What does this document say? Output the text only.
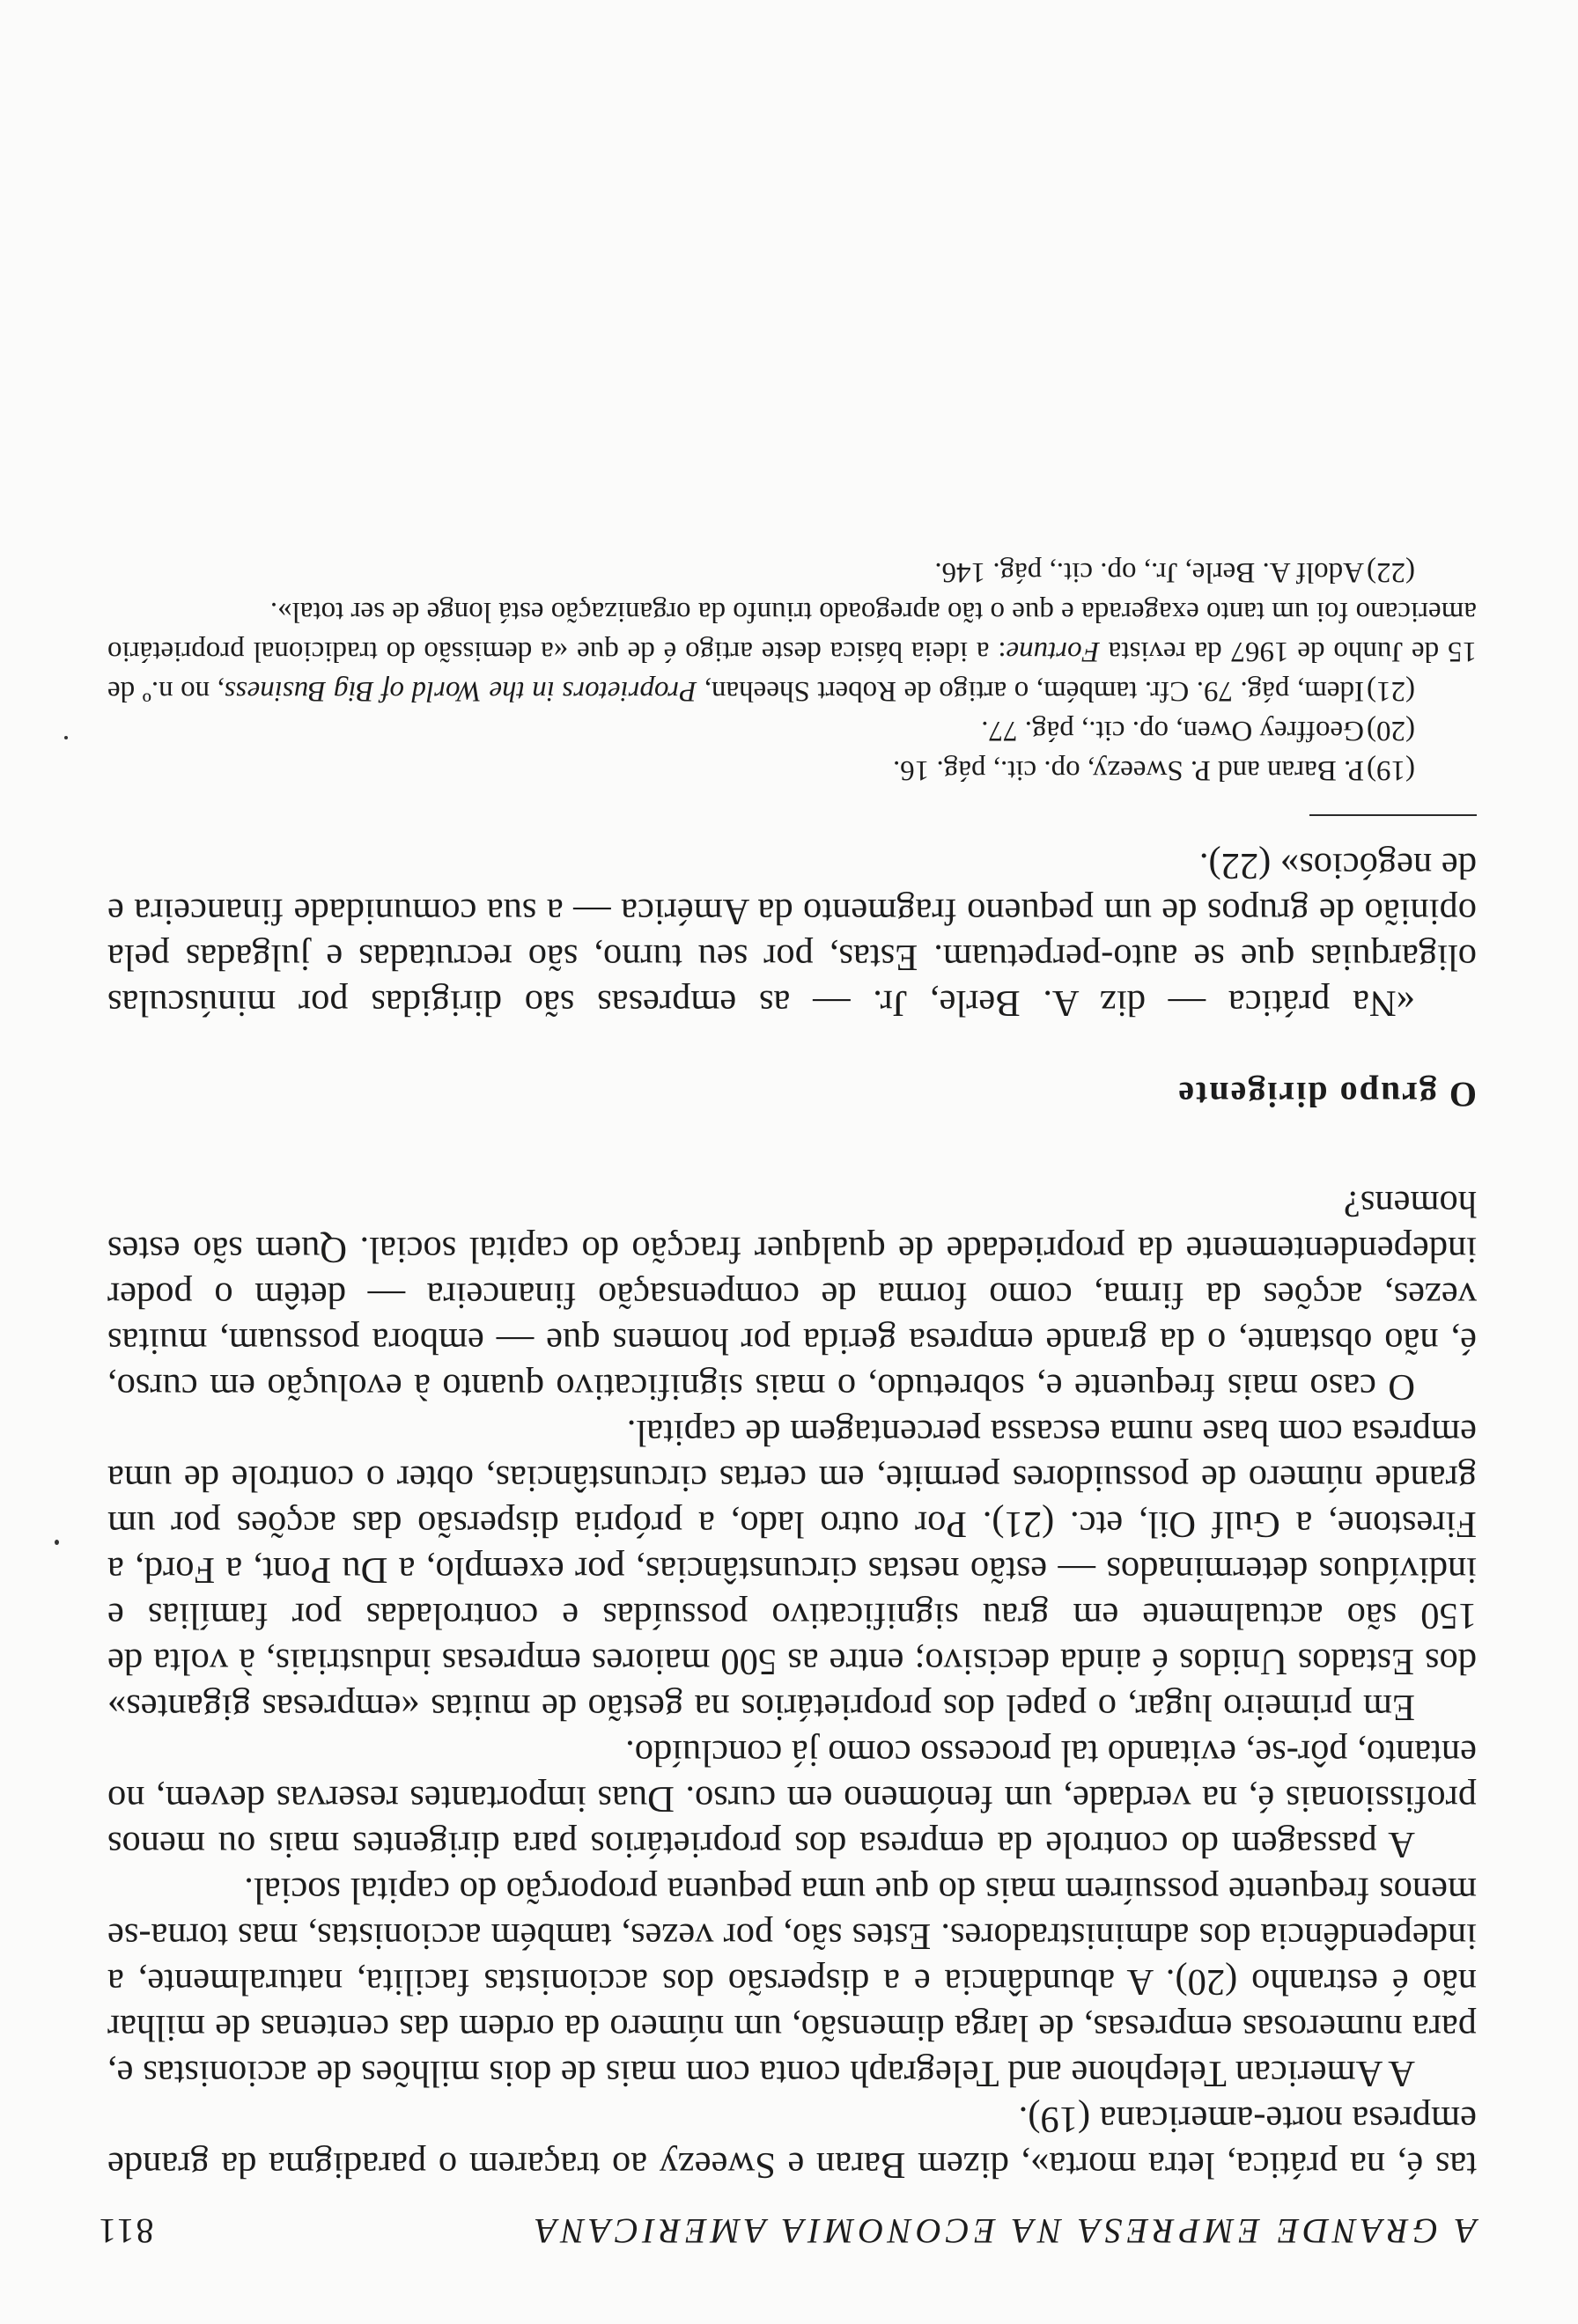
A GRANDE EMPRESA NA ECONOMIA AMERICANA
811

tas é, na prática, letra morta», dizem Baran e Sweezy ao traçarem o paradigma da grande empresa norte-americana (19).

A American Telephone and Telegraph conta com mais de dois milhões de accionistas e, para numerosas empresas, de larga dimensão, um número da ordem das centenas de milhar não é estranho (20). A abundância e a dispersão dos accionistas facilita, naturalmente, a independência dos administradores. Estes são, por vezes, também accionistas, mas torna-se menos frequente possuírem mais do que uma pequena proporção do capital social.

A passagem do controle da empresa dos proprietários para dirigentes mais ou menos profissionais é, na verdade, um fenómeno em curso. Duas importantes reservas devem, no entanto, pôr-se, evitando tal processo como já concluído.

Em primeiro lugar, o papel dos proprietários na gestão de muitas «empresas gigantes» dos Estados Unidos é ainda decisivo; entre as 500 maiores empresas industriais, à volta de 150 são actualmente em grau significativo possuídas e controladas por famílias e indivíduos determinados — estão nestas circunstâncias, por exemplo, a Du Pont, a Ford, a Firestone, a Gulf Oil, etc. (21). Por outro lado, a própria dispersão das acções por um grande número de possuidores permite, em certas circunstâncias, obter o controle de uma empresa com base numa escassa percentagem de capital.

O caso mais frequente e, sobretudo, o mais significativo quanto à evolução em curso, é, não obstante, o da grande empresa gerida por homens que — embora possuam, muitas vezes, acções da firma, como forma de compensação financeira — detêm o poder independentemente da propriedade de qualquer fracção do capital social. Quem são estes homens?

O grupo dirigente

«Na prática — diz A. Berle, Jr. — as empresas são dirigidas por minúsculas oligarquias que se auto-perpetuam. Estas, por seu turno, são recrutadas e julgadas pela opinião de grupos de um pequeno fragmento da América — a sua comunidade financeira e de negócios» (22).

(19)P. Baran and P. Sweezy, op. cit., pág. 16.

(20)Geoffrey Owen, op. cit., pág. 77.

(21)Idem, pág. 79. Cfr. também, o artigo de Robert Sheehan, Proprietors in the World of Big Business, no n.º de 15 de Junho de 1967 da revista Fortune: a ideia básica deste artigo é de que «a demissão do tradicional proprietário americano foi um tanto exagerada e que o tão apregoado triunfo da organização está longe de ser total».

(22)Adolf A. Berle, Jr., op. cit., pág. 146.
